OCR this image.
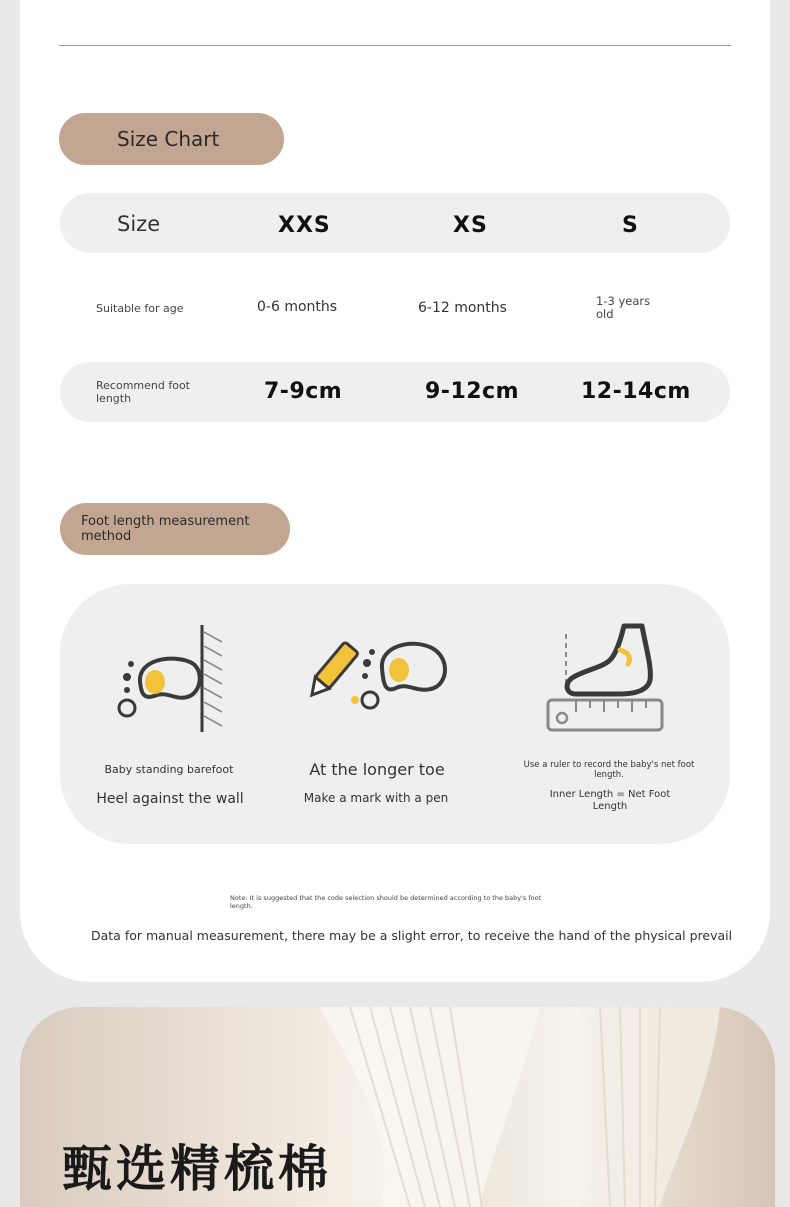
Size Chart
Size	XXS	XS	S
Suitable for age	0-6 months	6-12 months	1-3 years old
Recommend foot length	7-9cm	9-12cm	12-14cm
Foot length measurement method
Baby standing barefoot
Heel against the wall
At the longer toe
Make a mark with a pen
Use a ruler to record the baby's net foot length.
Inner Length = Net Foot Length
Note: It is suggested that the code selection should be determined according to the baby's foot length.
Data for manual measurement, there may be a slight error, to receive the hand of the physical prevail
甄选精梳棉
